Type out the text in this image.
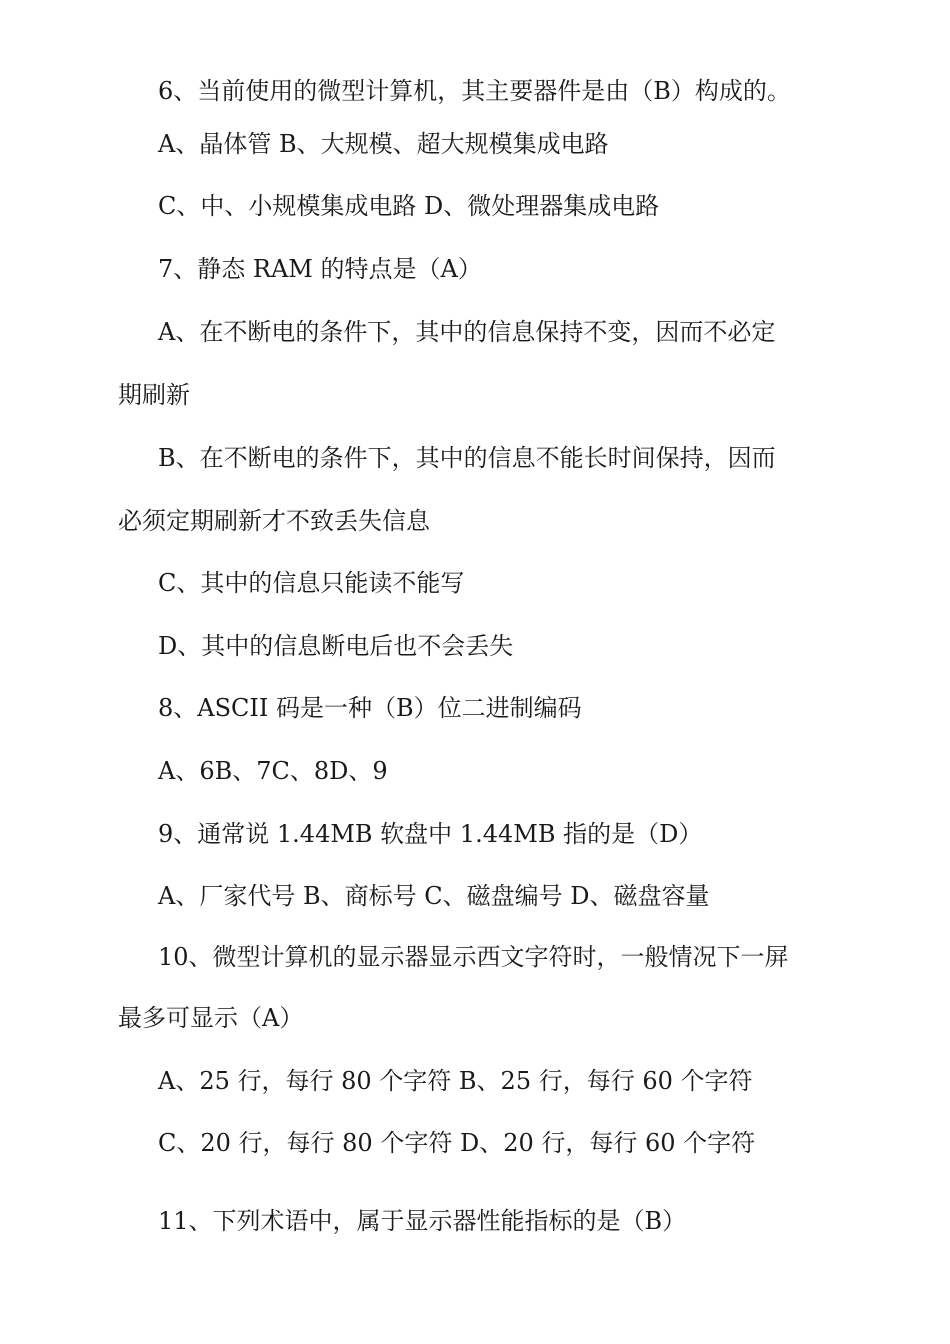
6、当前使用的微型计算机，其主要器件是由（B）构成的。

A、晶体管 B、大规模、超大规模集成电路

C、中、小规模集成电路 D、微处理器集成电路

7、静态 RAM 的特点是（A）

A、在不断电的条件下，其中的信息保持不变，因而不必定

期刷新

B、在不断电的条件下，其中的信息不能长时间保持，因而

必须定期刷新才不致丢失信息

C、其中的信息只能读不能写

D、其中的信息断电后也不会丢失

8、ASCII 码是一种（B）位二进制编码

A、6B、7C、8D、9

9、通常说 1.44MB 软盘中 1.44MB 指的是（D）

A、厂家代号 B、商标号 C、磁盘编号 D、磁盘容量

10、微型计算机的显示器显示西文字符时，一般情况下一屏

最多可显示（A）

A、25 行，每行 80 个字符 B、25 行，每行 60 个字符

C、20 行，每行 80 个字符 D、20 行，每行 60 个字符

11、下列术语中，属于显示器性能指标的是（B）
